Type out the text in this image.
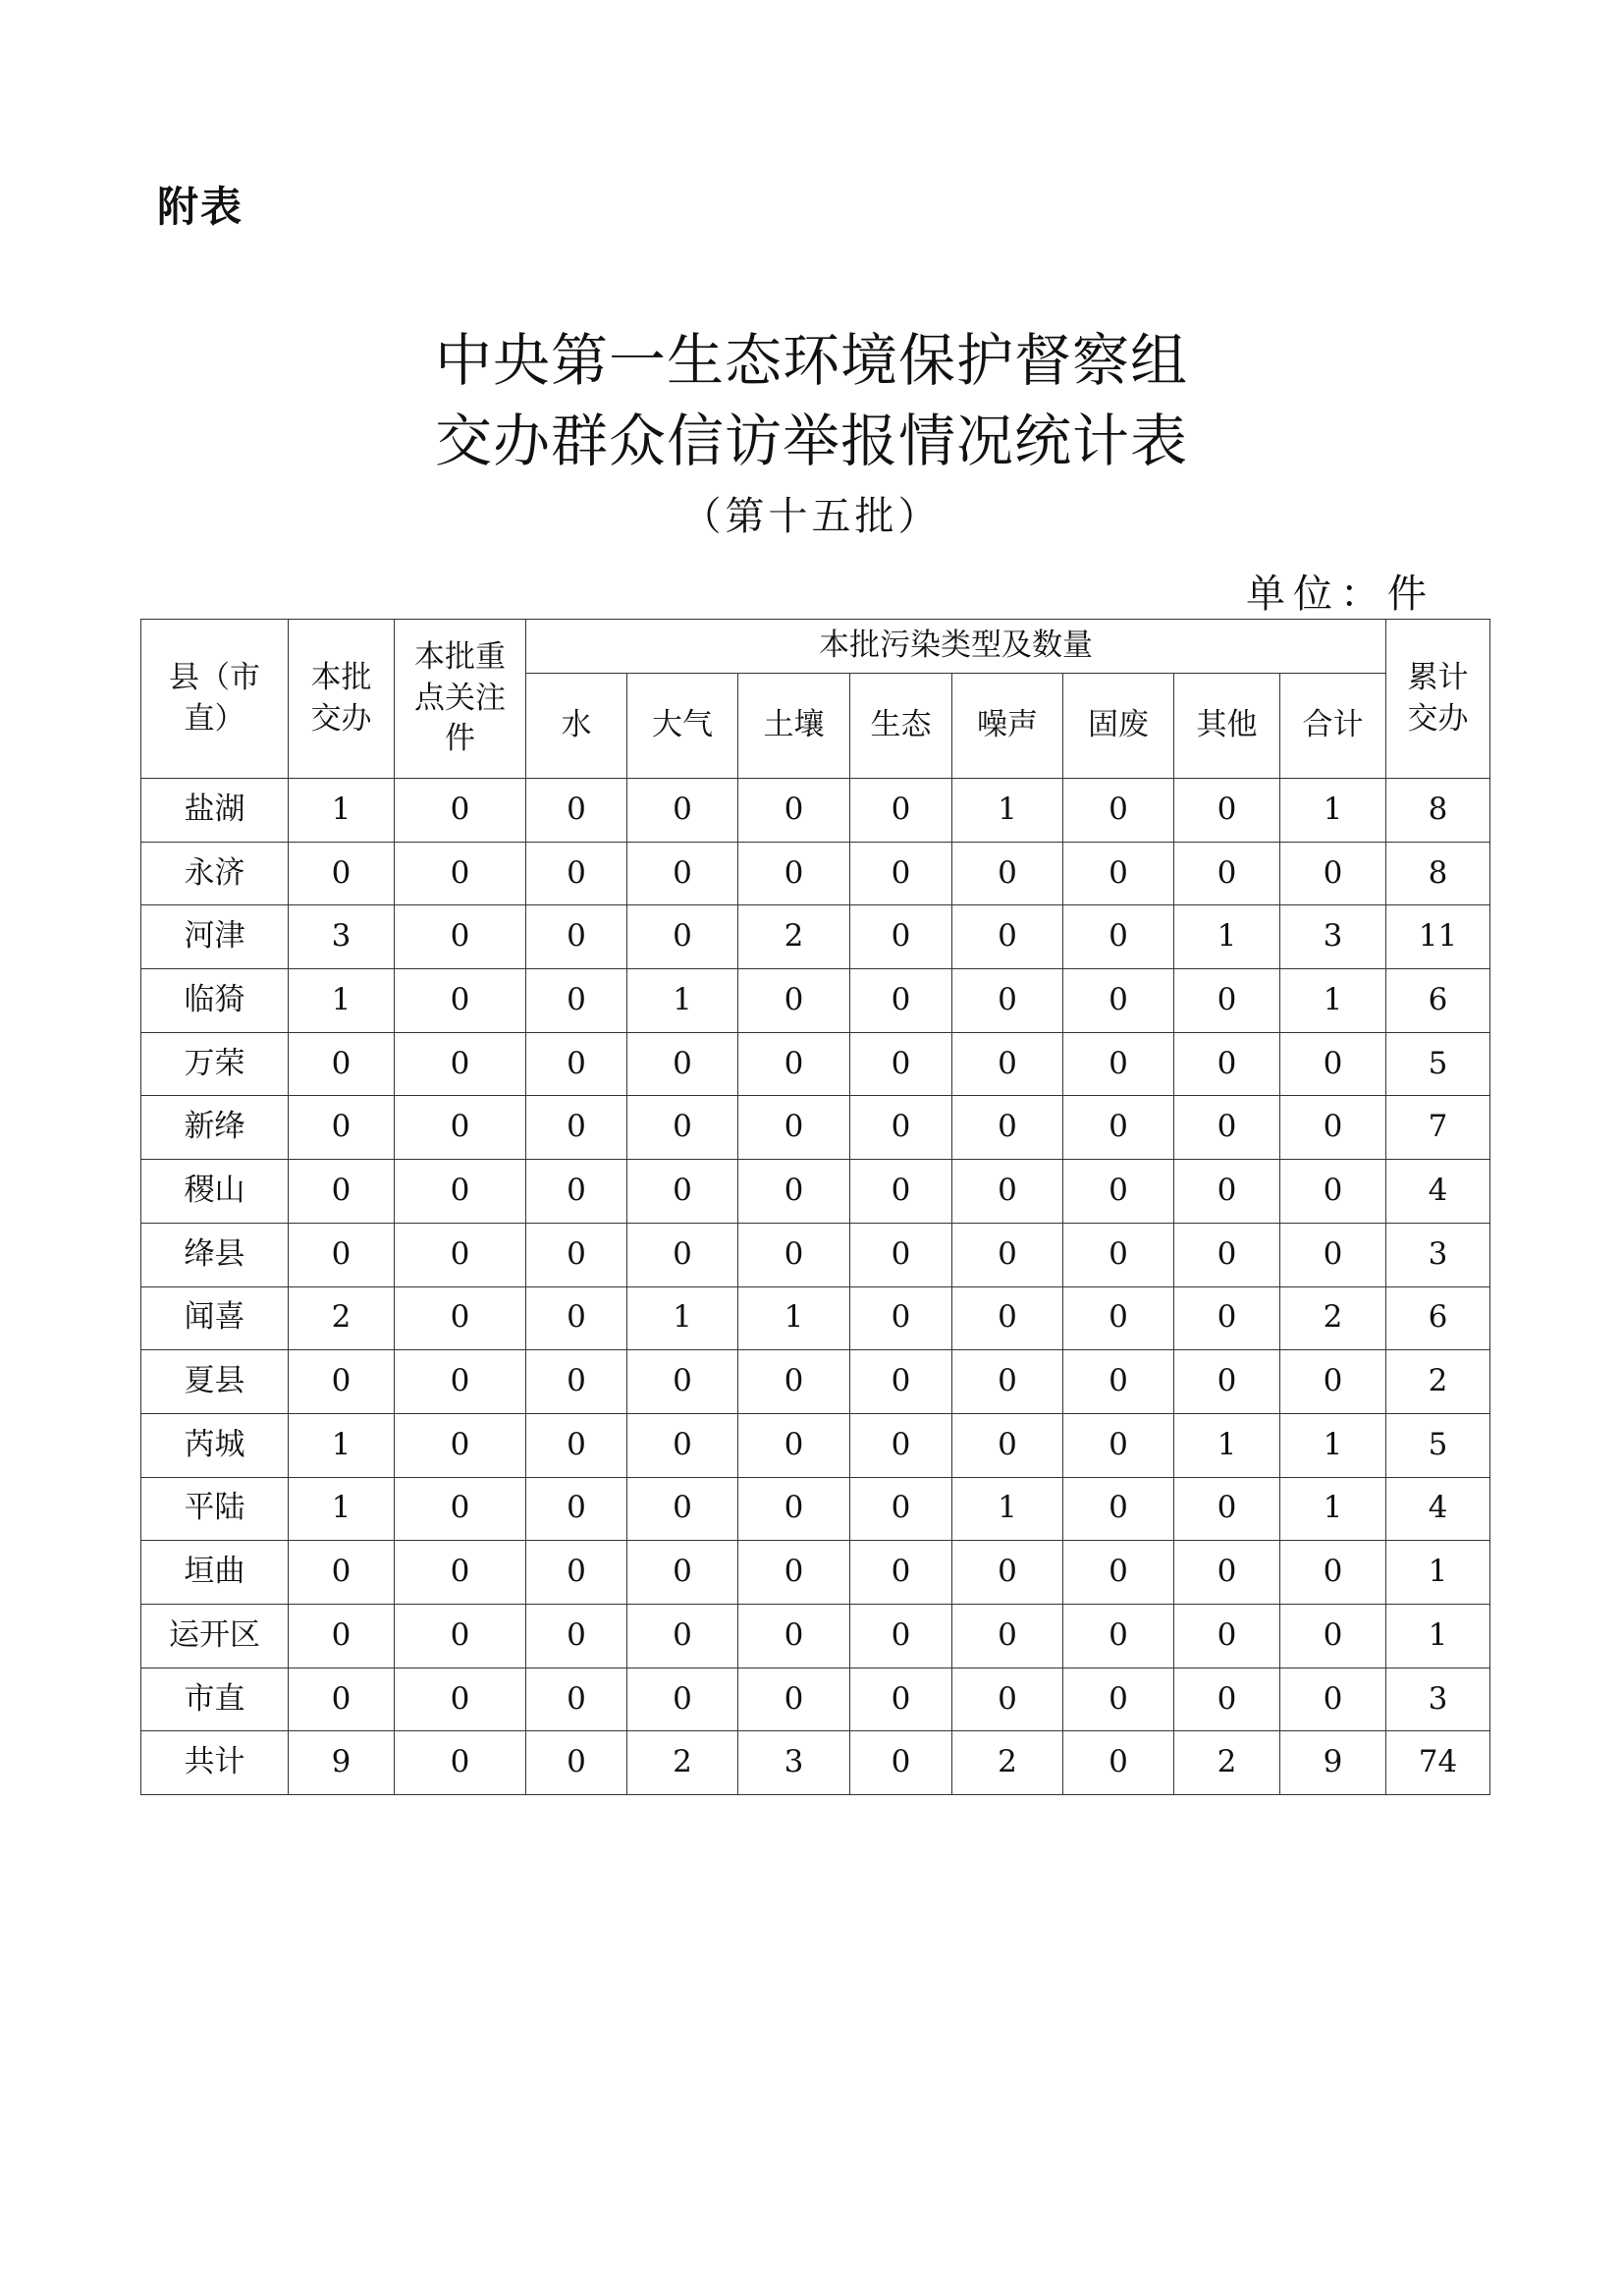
附表
中央第一生态环境保护督察组
交办群众信访举报情况统计表
（第十五批）
单位：件
县（市直）	本批交办	本批重点关注件	本批污染类型及数量								累计交办
			水	大气	土壤	生态	噪声	固废	其他	合计	
盐湖	1	0	0	0	0	0	1	0	0	1	8
永济	0	0	0	0	0	0	0	0	0	0	8
河津	3	0	0	0	2	0	0	0	1	3	11
临猗	1	0	0	1	0	0	0	0	0	1	6
万荣	0	0	0	0	0	0	0	0	0	0	5
新绛	0	0	0	0	0	0	0	0	0	0	7
稷山	0	0	0	0	0	0	0	0	0	0	4
绛县	0	0	0	0	0	0	0	0	0	0	3
闻喜	2	0	0	1	1	0	0	0	0	2	6
夏县	0	0	0	0	0	0	0	0	0	0	2
芮城	1	0	0	0	0	0	0	0	1	1	5
平陆	1	0	0	0	0	0	1	0	0	1	4
垣曲	0	0	0	0	0	0	0	0	0	0	1
运开区	0	0	0	0	0	0	0	0	0	0	1
市直	0	0	0	0	0	0	0	0	0	0	3
共计	9	0	0	2	3	0	2	0	2	9	74
